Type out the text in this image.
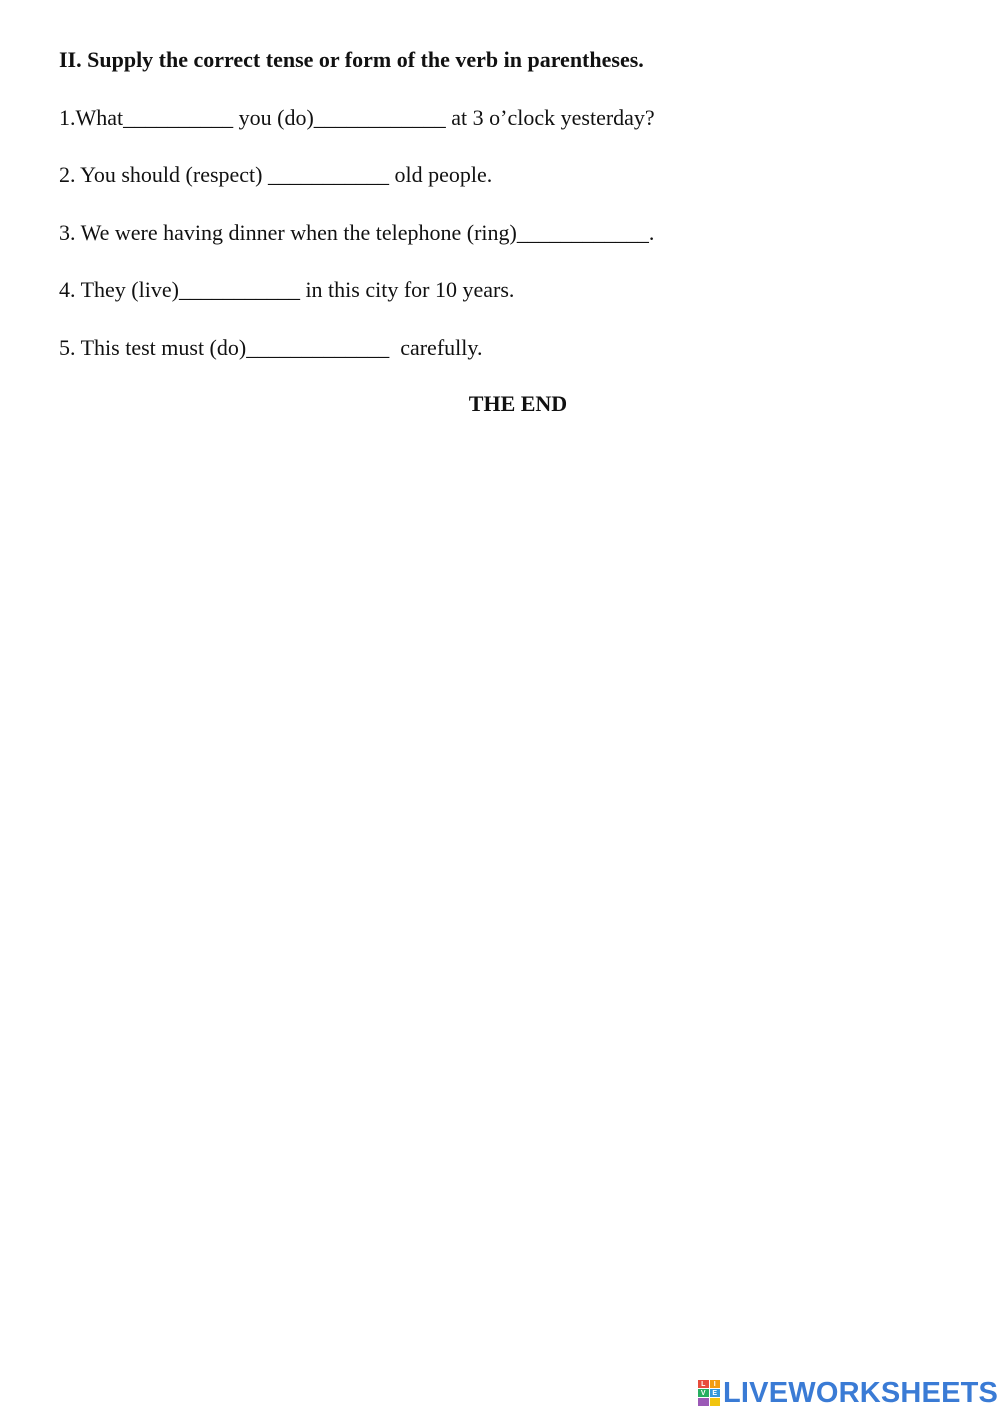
II. Supply the correct tense or form of the verb in parentheses.
1.What__________ you (do)____________ at 3 o’clock yesterday?
2. You should (respect) ___________ old people.
3. We were having dinner when the telephone (ring)____________.
4. They (live)___________ in this city for 10 years.
5. This test must (do)_____________  carefully.
THE END
L	I
V E LIVEWORKSHEETS
